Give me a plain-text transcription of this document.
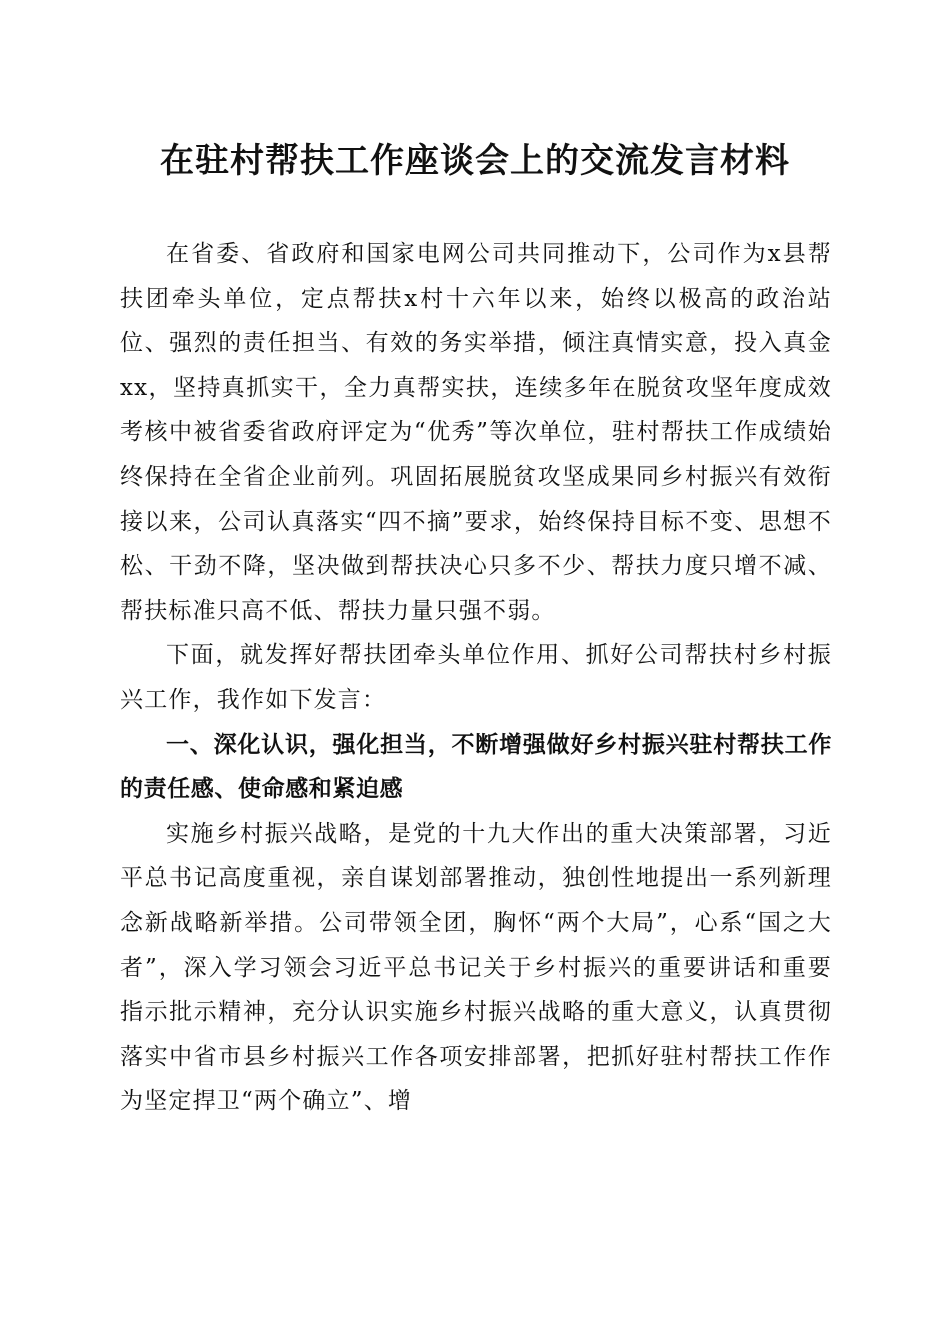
在驻村帮扶工作座谈会上的交流发言材料

在省委、省政府和国家电网公司共同推动下，公司作为x县帮扶团牵头单位，定点帮扶x村十六年以来，始终以极高的政治站位、强烈的责任担当、有效的务实举措，倾注真情实意，投入真金xx，坚持真抓实干，全力真帮实扶，连续多年在脱贫攻坚年度成效考核中被省委省政府评定为“优秀”等次单位，驻村帮扶工作成绩始终保持在全省企业前列。巩固拓展脱贫攻坚成果同乡村振兴有效衔接以来，公司认真落实“四不摘”要求，始终保持目标不变、思想不松、干劲不降，坚决做到帮扶决心只多不少、帮扶力度只增不减、帮扶标准只高不低、帮扶力量只强不弱。

下面，就发挥好帮扶团牵头单位作用、抓好公司帮扶村乡村振兴工作，我作如下发言：

一、深化认识，强化担当，不断增强做好乡村振兴驻村帮扶工作的责任感、使命感和紧迫感

实施乡村振兴战略，是党的十九大作出的重大决策部署，习近平总书记高度重视，亲自谋划部署推动，独创性地提出一系列新理念新战略新举措。公司带领全团，胸怀“两个大局”，心系“国之大者”，深入学习领会习近平总书记关于乡村振兴的重要讲话和重要指示批示精神，充分认识实施乡村振兴战略的重大意义，认真贯彻落实中省市县乡村振兴工作各项安排部署，把抓好驻村帮扶工作作为坚定捍卫“两个确立”、增
